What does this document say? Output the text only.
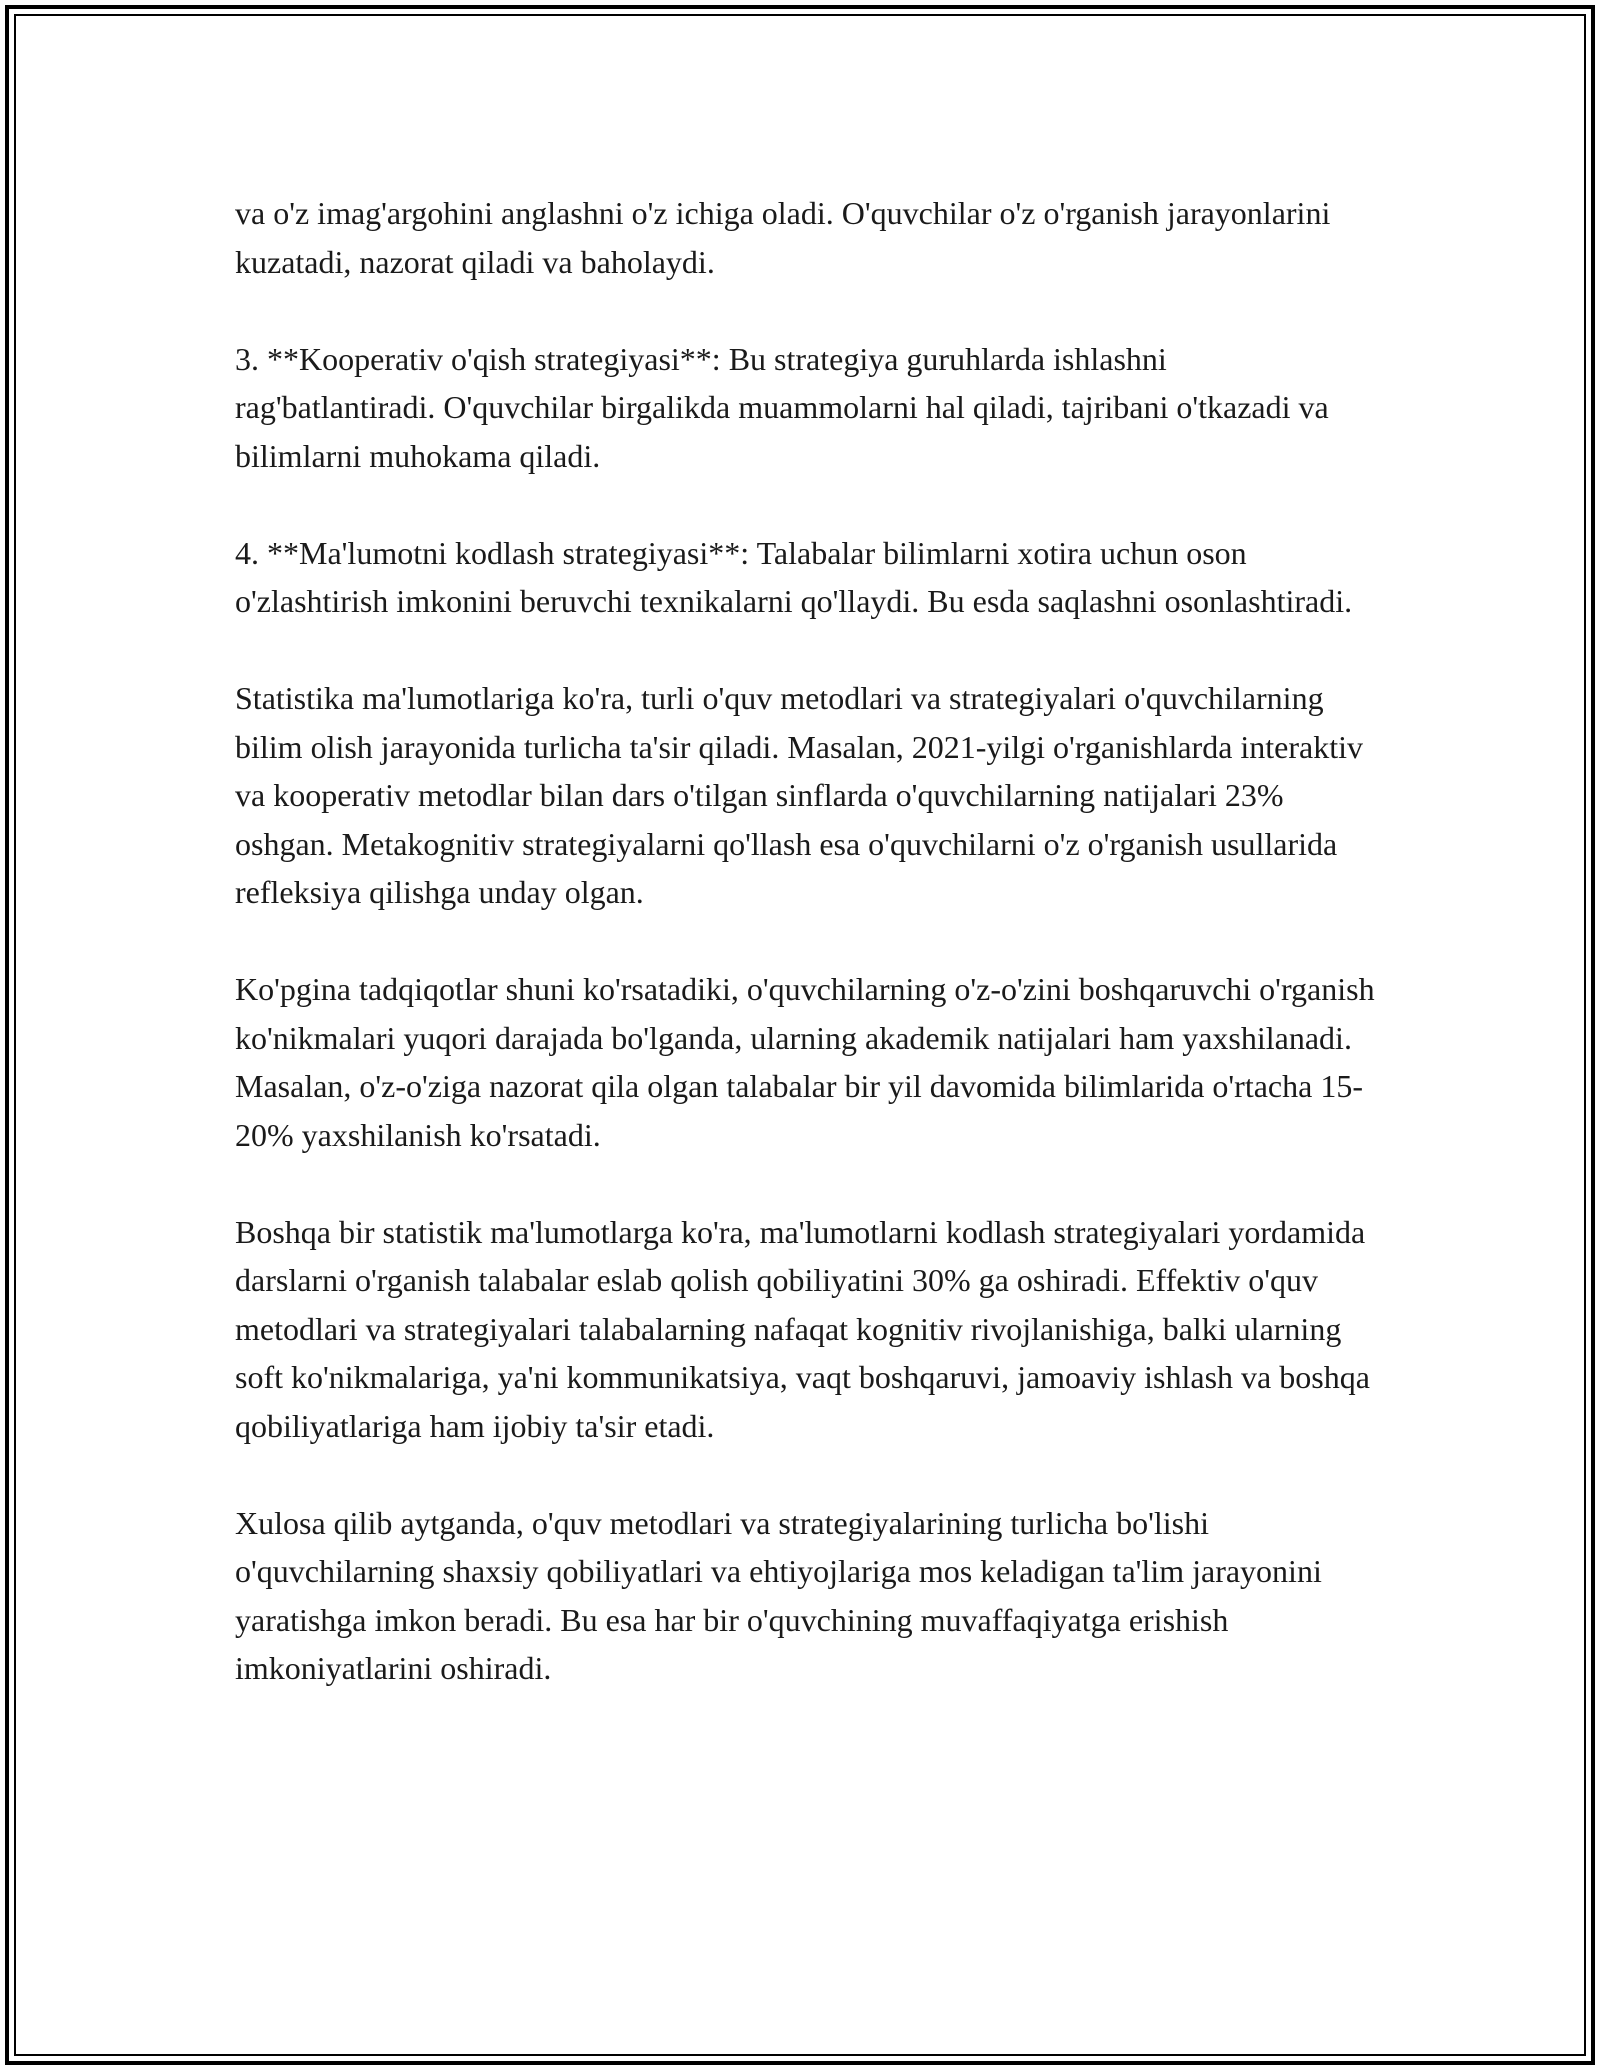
va o'z imag'argohini anglashni o'z ichiga oladi. O'quvchilar o'z o'rganish jarayonlarini kuzatadi, nazorat qiladi va baholaydi.

3. **Kooperativ o'qish strategiyasi**: Bu strategiya guruhlarda ishlashni rag'batlantiradi. O'quvchilar birgalikda muammolarni hal qiladi, tajribani o'tkazadi va bilimlarni muhokama qiladi.

4. **Ma'lumotni kodlash strategiyasi**: Talabalar bilimlarni xotira uchun oson o'zlashtirish imkonini beruvchi texnikalarni qo'llaydi. Bu esda saqlashni osonlashtiradi.

Statistika ma'lumotlariga ko'ra, turli o'quv metodlari va strategiyalari o'quvchilarning bilim olish jarayonida turlicha ta'sir qiladi. Masalan, 2021-yilgi o'rganishlarda interaktiv va kooperativ metodlar bilan dars o'tilgan sinflarda o'quvchilarning natijalari 23% oshgan. Metakognitiv strategiyalarni qo'llash esa o'quvchilarni o'z o'rganish usullarida refleksiya qilishga unday olgan.

Ko'pgina tadqiqotlar shuni ko'rsatadiki, o'quvchilarning o'z-o'zini boshqaruvchi o'rganish ko'nikmalari yuqori darajada bo'lganda, ularning akademik natijalari ham yaxshilanadi. Masalan, o'z-o'ziga nazorat qila olgan talabalar bir yil davomida bilimlarida o'rtacha 15-20% yaxshilanish ko'rsatadi.

Boshqa bir statistik ma'lumotlarga ko'ra, ma'lumotlarni kodlash strategiyalari yordamida darslarni o'rganish talabalar eslab qolish qobiliyatini 30% ga oshiradi. Effektiv o'quv metodlari va strategiyalari talabalarning nafaqat kognitiv rivojlanishiga, balki ularning soft ko'nikmalariga, ya'ni kommunikatsiya, vaqt boshqaruvi, jamoaviy ishlash va boshqa qobiliyatlariga ham ijobiy ta'sir etadi.

Xulosa qilib aytganda, o'quv metodlari va strategiyalarining turlicha bo'lishi o'quvchilarning shaxsiy qobiliyatlari va ehtiyojlariga mos keladigan ta'lim jarayonini yaratishga imkon beradi. Bu esa har bir o'quvchining muvaffaqiyatga erishish imkoniyatlarini oshiradi.
